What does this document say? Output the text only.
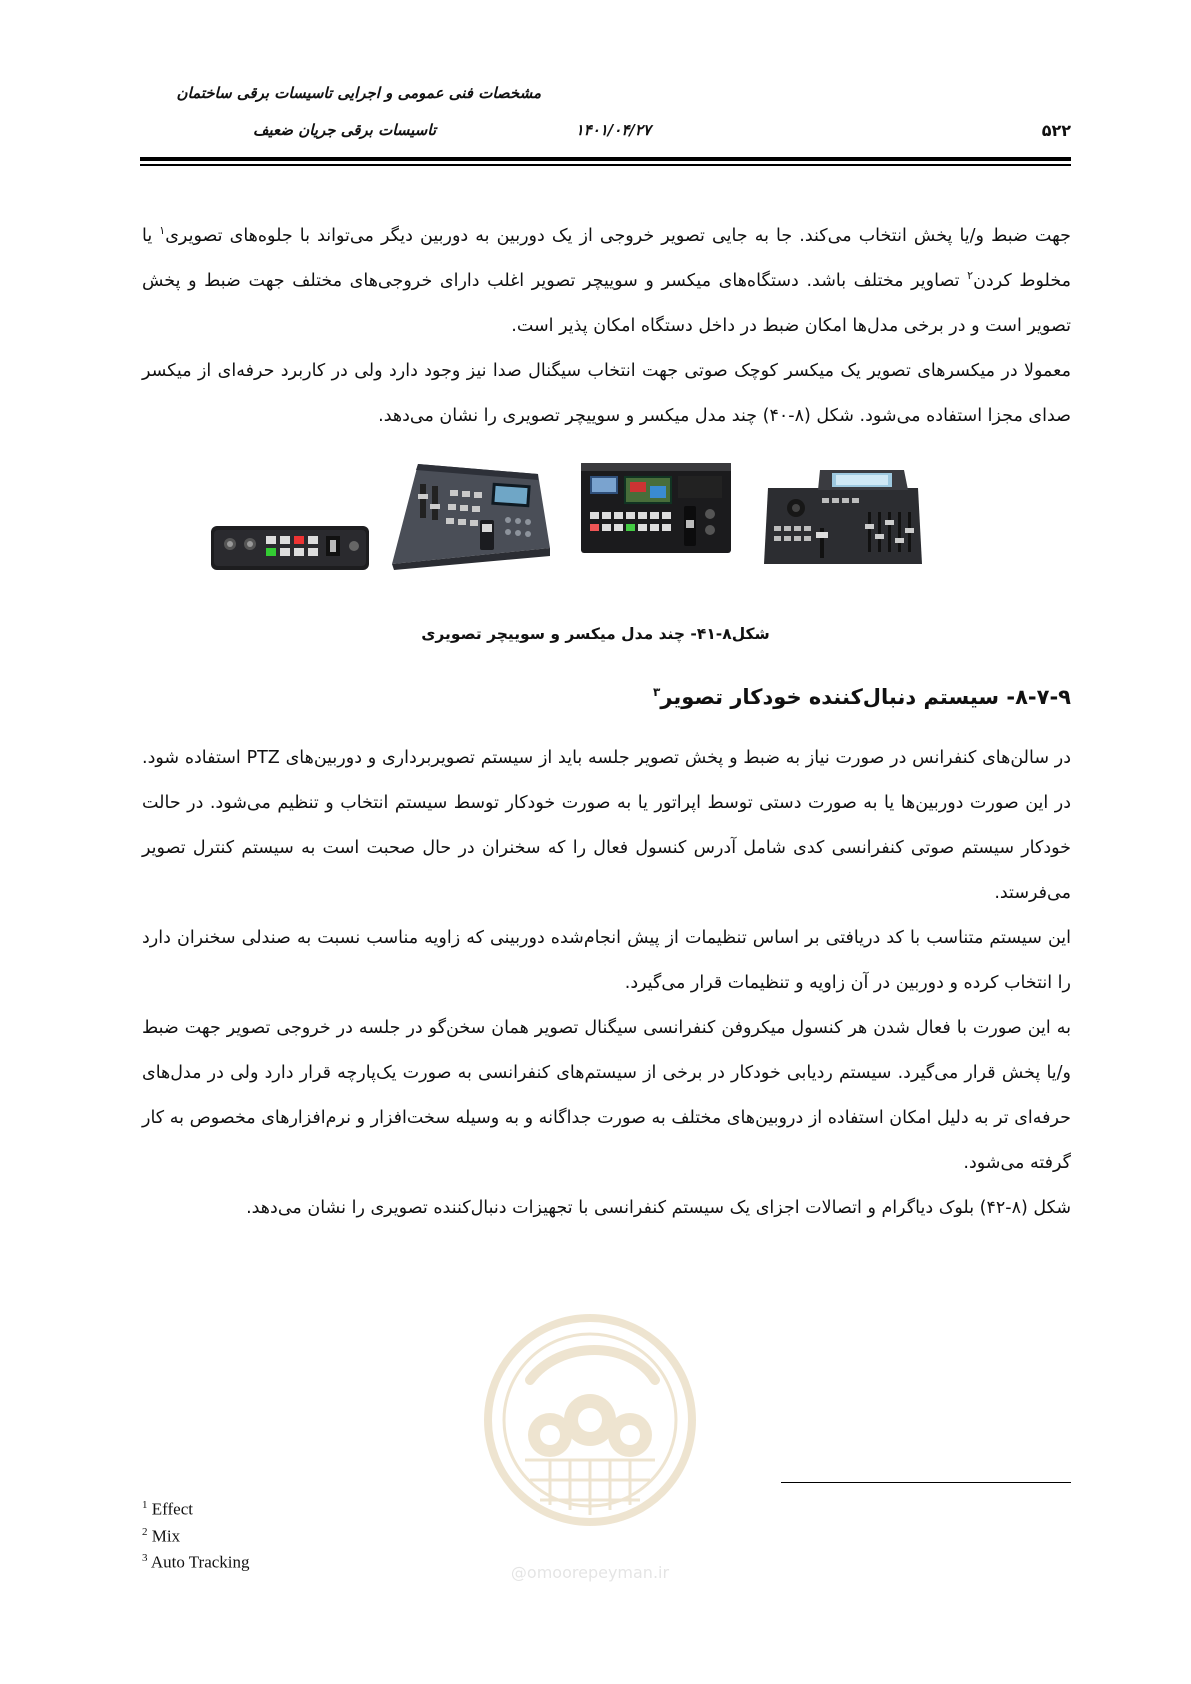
مشخصات فنی عمومی و اجرایی تاسیسات برقی ساختمان
۵۲۲
۱۴۰۱/۰۴/۲۷
تاسیسات برقی جریان ضعیف

جهت ضبط و/یا پخش انتخاب می‌کند. جا به جایی تصویر خروجی از یک دوربین به دوربین دیگر می‌تواند با جلوه‌های تصویری$^۱$ یا مخلوط کردن$^۲$ تصاویر مختلف باشد. دستگاه‌های میکسر و سوییچر تصویر اغلب دارای خروجی‌های مختلف جهت ضبط و پخش تصویر است و در برخی مدل‌ها امکان ضبط در داخل دستگاه امکان پذیر است.

معمولا در میکسرهای تصویر یک میکسر کوچک صوتی جهت انتخاب سیگنال صدا نیز وجود دارد ولی در کاربرد حرفه‌ای از میکسر صدای مجزا استفاده می‌شود. شکل (۸-۴۰) چند مدل میکسر و سوییچر تصویری را نشان می‌دهد.

شکل۸-۴۱- چند مدل میکسر و سوییچر تصویری
۸-۷-۹- سیستم دنبال‌کننده خودکار تصویر$^۳$

در سالن‌های کنفرانس در صورت نیاز به ضبط و پخش تصویر جلسه باید از سیستم تصویربرداری و دوربین‌های PTZ استفاده شود. در این صورت دوربین‌ها یا به صورت دستی توسط اپراتور یا به صورت خودکار توسط سیستم انتخاب و تنظیم می‌شود. در حالت خودکار سیستم صوتی کنفرانسی کدی شامل آدرس کنسول فعال را که سخنران در حال صحبت است به سیستم کنترل تصویر می‌فرستد.

این سیستم متناسب با کد دریافتی بر اساس تنظیمات از پیش انجام‌شده دوربینی که زاویه مناسب نسبت به صندلی سخنران دارد را انتخاب کرده و دوربین در آن زاویه و تنظیمات قرار می‌گیرد.

به این صورت با فعال شدن هر کنسول میکروفن کنفرانسی سیگنال تصویر همان سخن‌گو در جلسه در خروجی تصویر جهت ضبط و/یا پخش قرار می‌گیرد. سیستم ردیابی خودکار در برخی از سیستم‌های کنفرانسی به صورت یک‌پارچه قرار دارد ولی در مدل‌های حرفه‌ای تر به دلیل امکان استفاده از دروبین‌های مختلف به صورت جداگانه و به وسیله سخت‌افزار و نرم‌افزارهای مخصوص به کار گرفته می‌شود.

شکل (۸-۴۲) بلوک دیاگرام و اتصالات اجزای یک سیستم کنفرانسی با تجهیزات دنبال‌کننده تصویری را نشان می‌دهد.

@omoorepeyman.ir
$^1$ Effect
$^2$ Mix
$^3$ Auto Tracking
